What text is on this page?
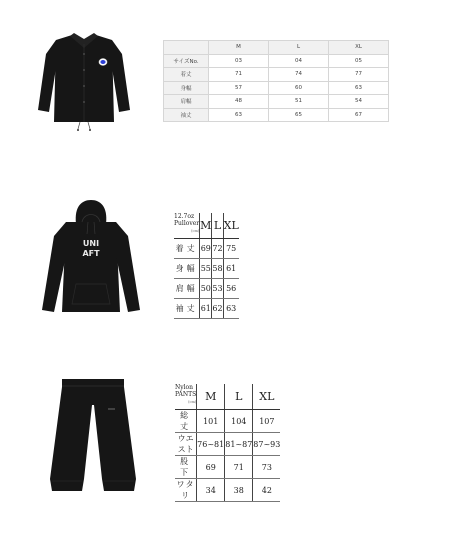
	M	L	XL
サイズNo.	03	04	05
着丈	71	74	77
身幅	57	60	63
肩幅	48	51	54
袖丈	63	65	67
UNI
AFT
12.7oz Pullover
(cm)	M	L	XL
着丈	69	72	75
身幅	55	58	61
肩幅	50	53	56
袖丈	61	62	63
Nylon PANTS
(cm)	M	L	XL
総丈	101	104	107
ウエスト	76~81	81~87	87~93
股下	69	71	73
ワタリ	34	38	42
